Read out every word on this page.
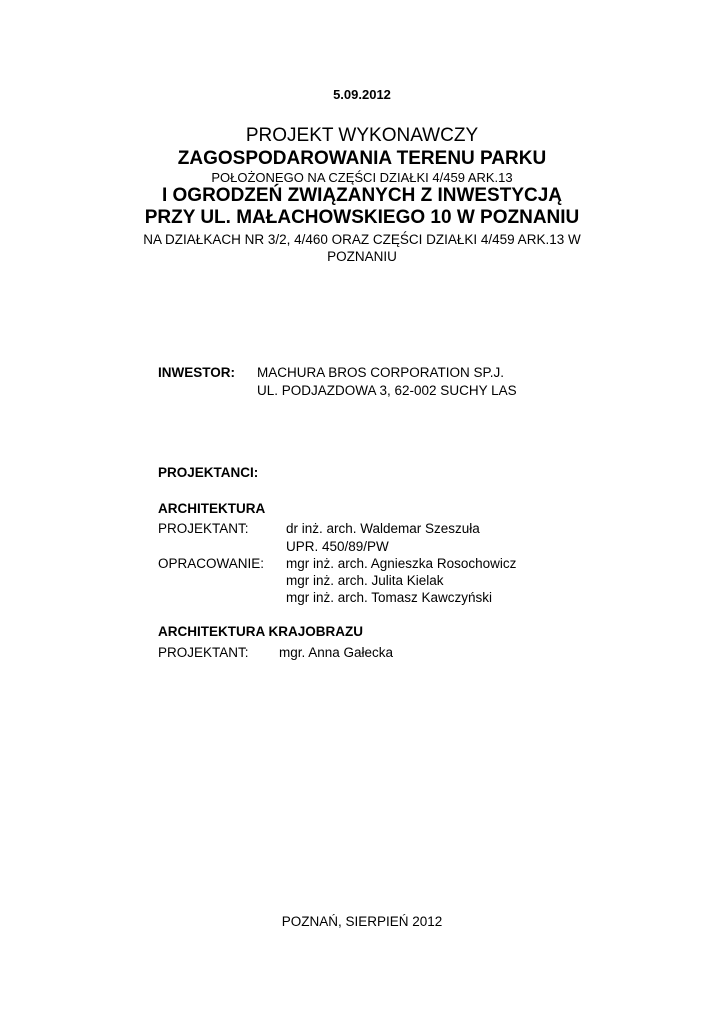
5.09.2012
PROJEKT WYKONAWCZY
ZAGOSPODAROWANIA TERENU PARKU
POŁOŻONEGO NA CZĘŚCI DZIAŁKI 4/459 ARK.13
I OGRODZEŃ ZWIĄZANYCH Z INWESTYCJĄ
PRZY UL. MAŁACHOWSKIEGO 10 W POZNANIU
NA DZIAŁKACH NR 3/2, 4/460 ORAZ CZĘŚCI DZIAŁKI 4/459 ARK.13 W
POZNANIU
INWESTOR: MACHURA BROS CORPORATION SP.J.
UL. PODJAZDOWA 3, 62-002 SUCHY LAS
PROJEKTANCI:
ARCHITEKTURA
PROJEKTANT:	dr inż. arch. Waldemar Szeszuła
UPR. 450/89/PW
OPRACOWANIE: mgr inż. arch. Agnieszka Rosochowicz
mgr inż. arch. Julita Kielak
mgr inż. arch. Tomasz Kawczyński
ARCHITEKTURA KRAJOBRAZU
PROJEKTANT: mgr. Anna Gałecka
POZNAŃ, SIERPIEŃ 2012
